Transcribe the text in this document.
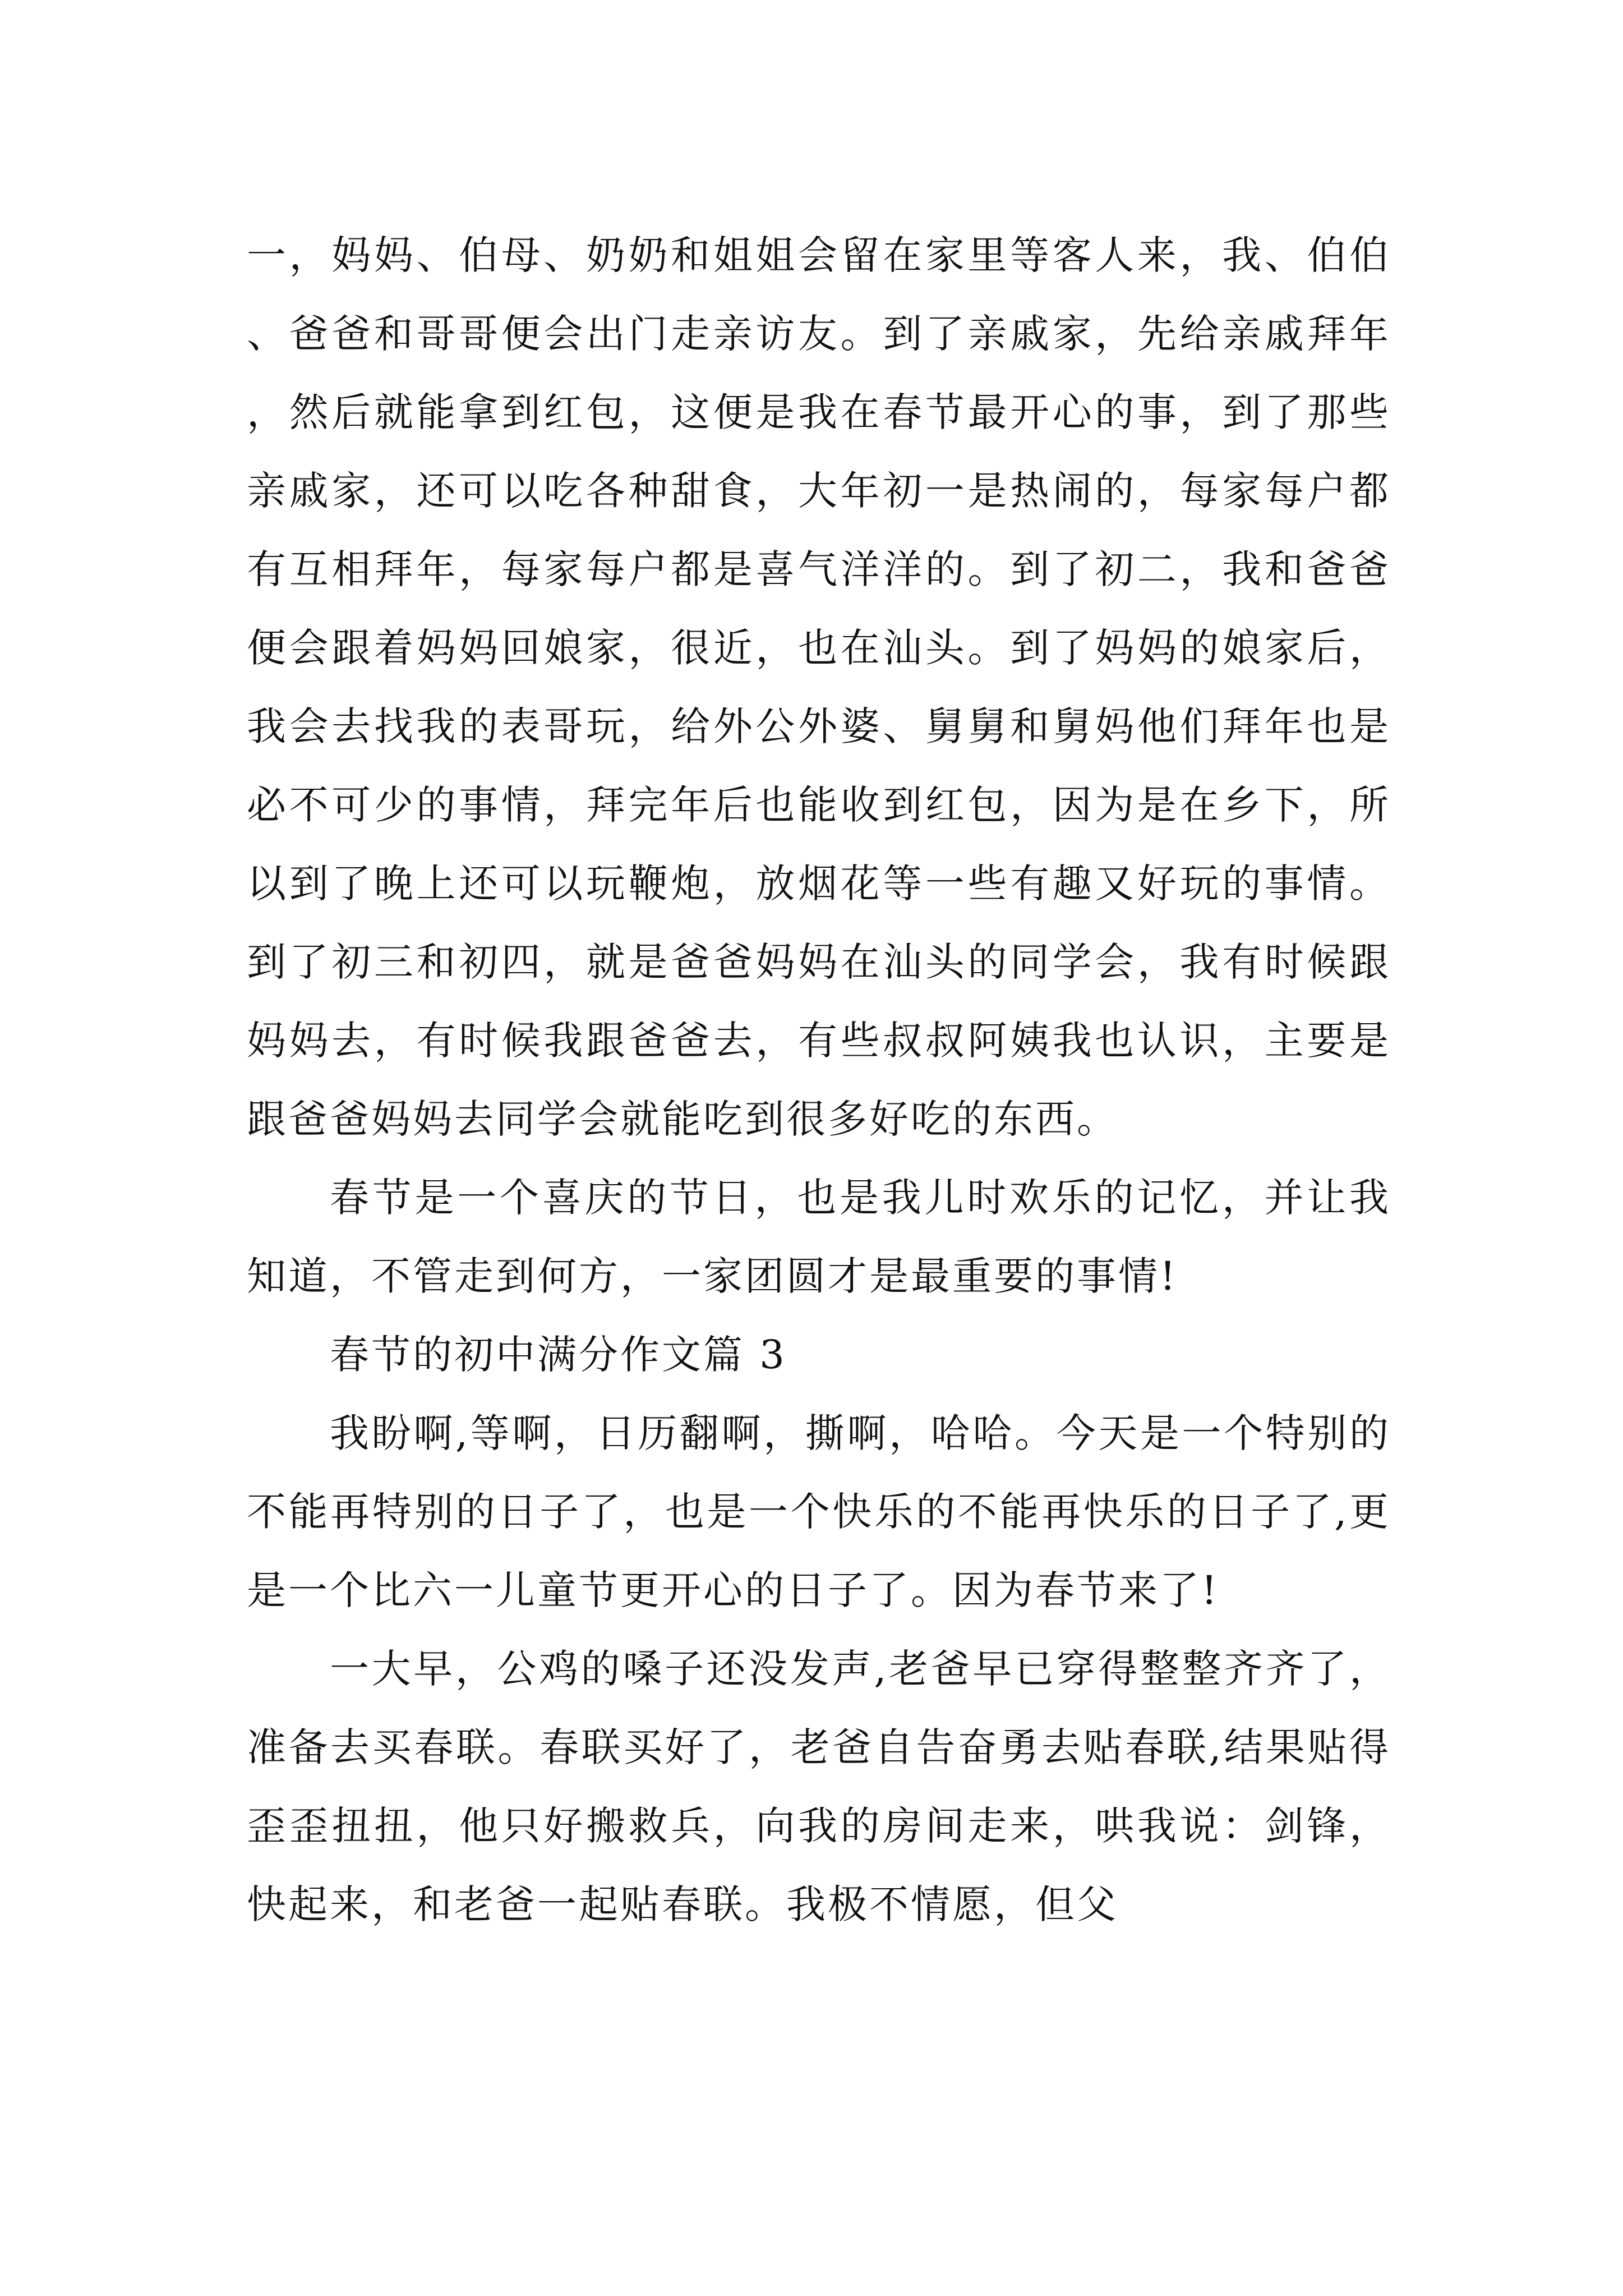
一，妈妈、伯母、奶奶和姐姐会留在家里等客人来，我、伯伯、爸爸和哥哥便会出门走亲访友。到了亲戚家，先给亲戚拜年，然后就能拿到红包，这便是我在春节最开心的事，到了那些亲戚家，还可以吃各种甜食，大年初一是热闹的，每家每户都有互相拜年，每家每户都是喜气洋洋的。到了初二，我和爸爸便会跟着妈妈回娘家，很近，也在汕头。到了妈妈的娘家后，我会去找我的表哥玩，给外公外婆、舅舅和舅妈他们拜年也是必不可少的事情，拜完年后也能收到红包，因为是在乡下，所以到了晚上还可以玩鞭炮，放烟花等一些有趣又好玩的事情。到了初三和初四，就是爸爸妈妈在汕头的同学会，我有时候跟妈妈去，有时候我跟爸爸去，有些叔叔阿姨我也认识，主要是跟爸爸妈妈去同学会就能吃到很多好吃的东西。

春节是一个喜庆的节日，也是我儿时欢乐的记忆，并让我知道，不管走到何方，一家团圆才是最重要的事情!

春节的初中满分作文篇 3

我盼啊,等啊，日历翻啊，撕啊，哈哈。今天是一个特别的不能再特别的日子了，也是一个快乐的不能再快乐的日子了,更是一个比六一儿童节更开心的日子了。因为春节来了!

一大早，公鸡的嗓子还没发声,老爸早已穿得整整齐齐了，准备去买春联。春联买好了，老爸自告奋勇去贴春联,结果贴得歪歪扭扭，他只好搬救兵，向我的房间走来，哄我说：剑锋，快起来，和老爸一起贴春联。我极不情愿，但父
